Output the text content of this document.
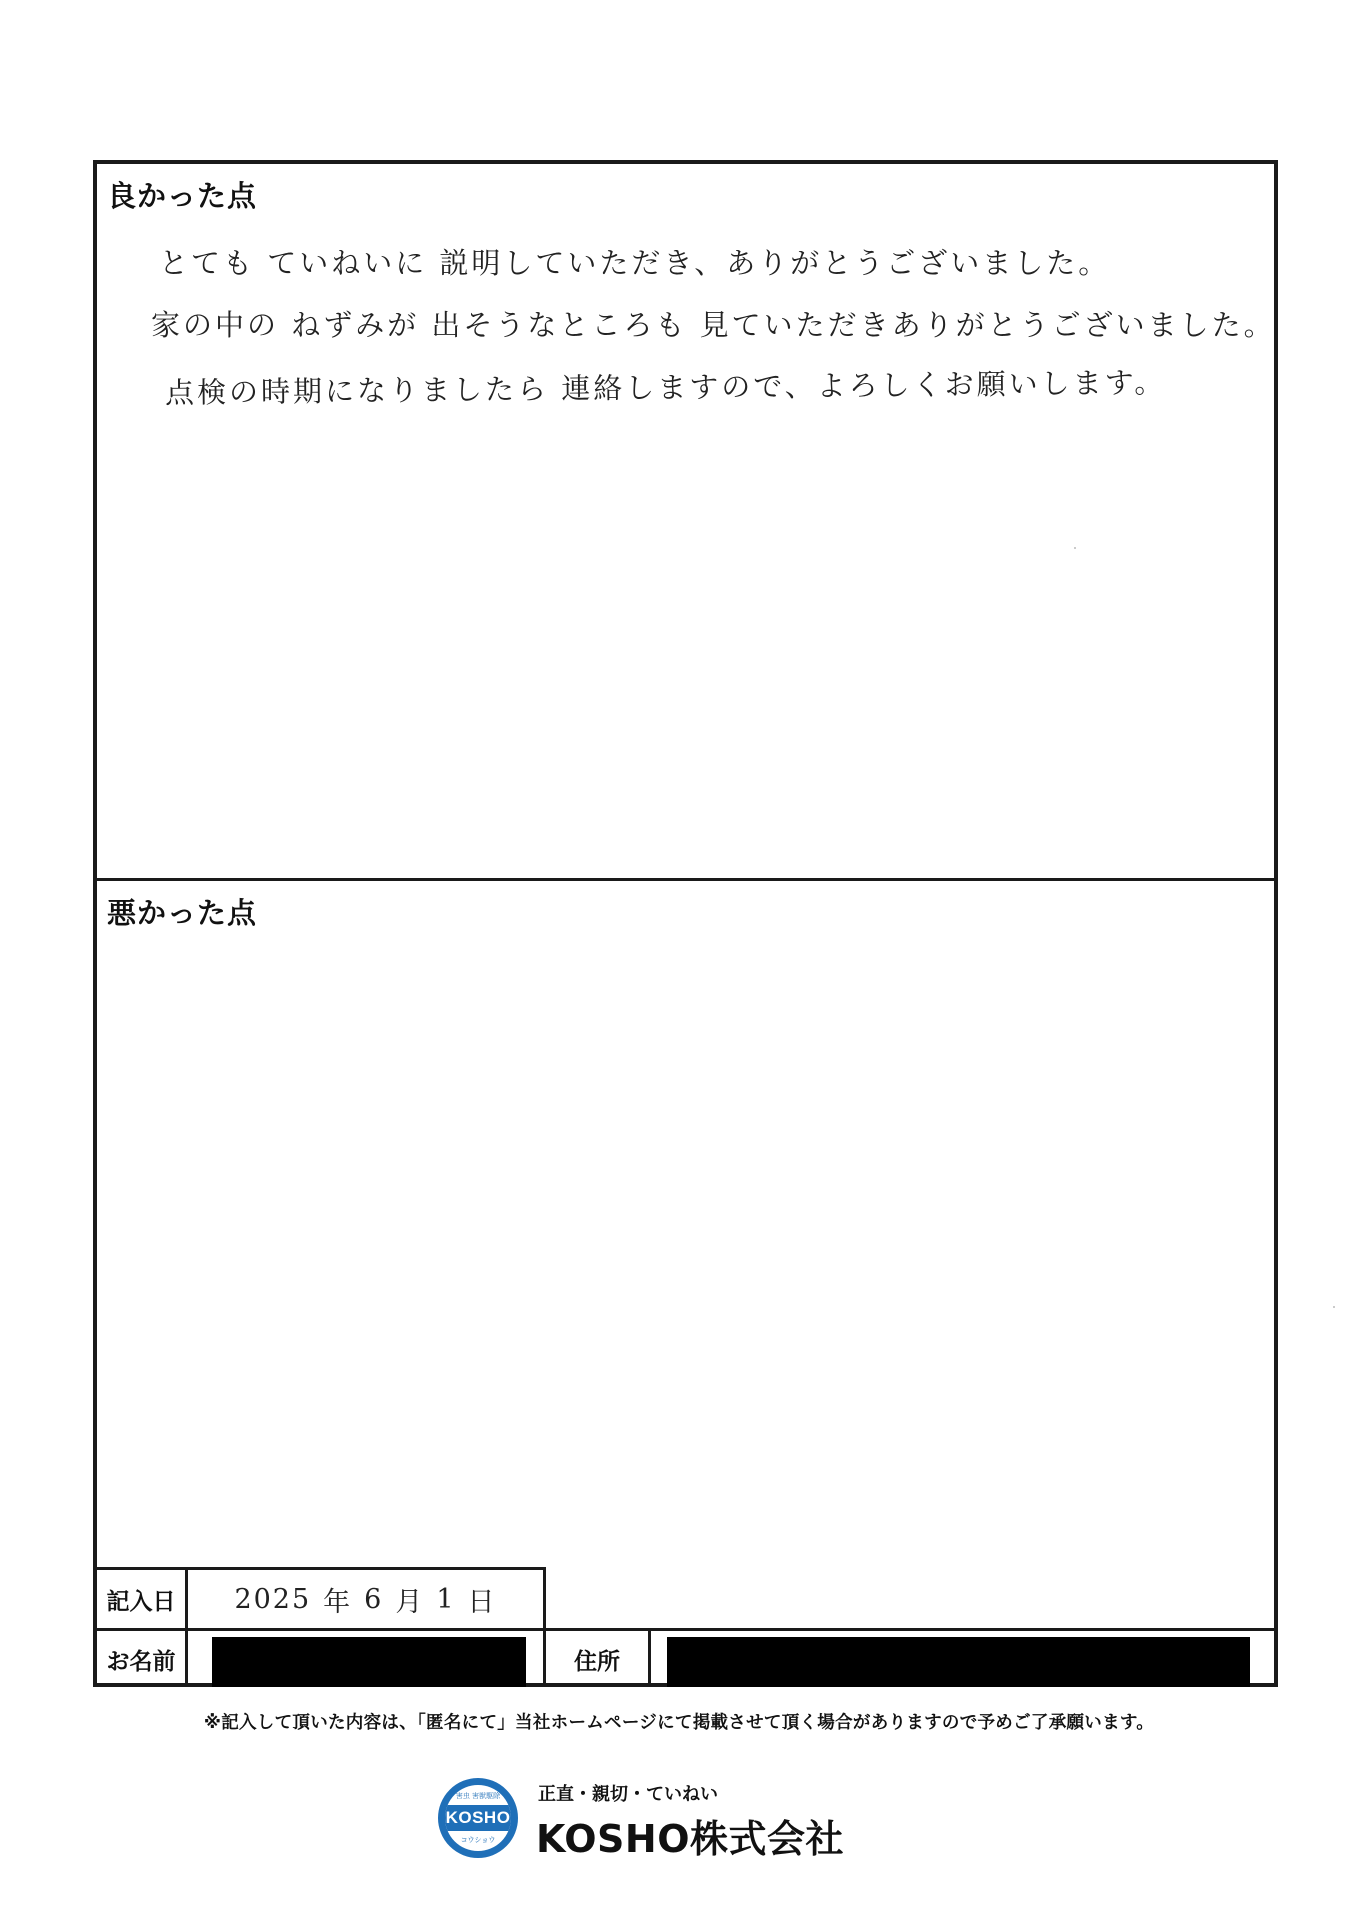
良かった点
とても ていねいに 説明していただき、ありがとうございました。
家の中の ねずみが 出そうなところも 見ていただきありがとうございました。
点検の時期になりましたら 連絡しますので、よろしくお願いします。
悪かった点
記入日
お名前	住所
2025 年 6 月 1 日
※記入して頂いた内容は、「匿名にて」当社ホームページにて掲載させて頂く場合がありますので予めご了承願います。
害虫 害獣駆除
KOSHO
コウショウ
正直・親切・ていねい
KOSHO株式会社
